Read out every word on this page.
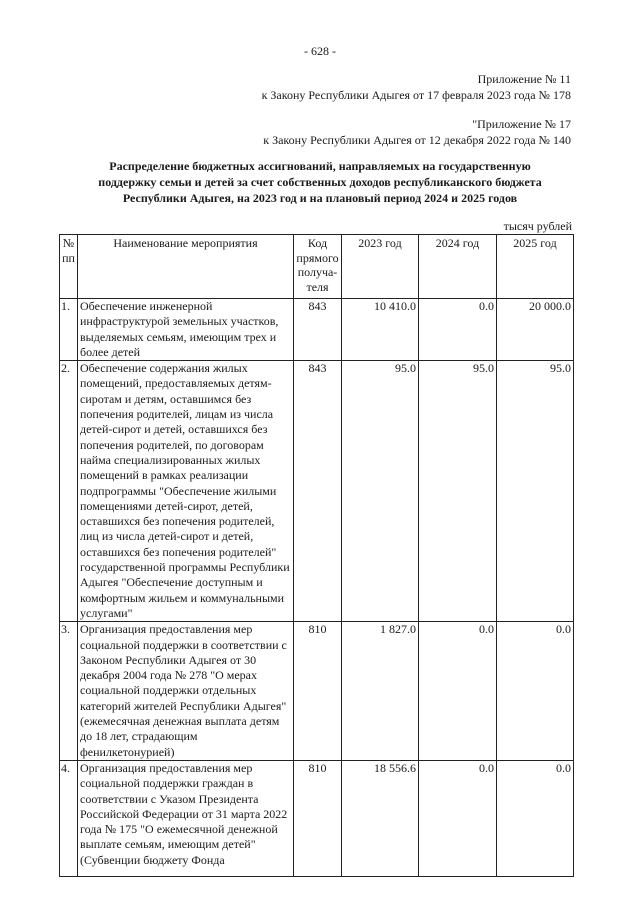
- 628 -
Приложение № 11
к Закону Республики Адыгея от 17 февраля 2023 года № 178
"Приложение № 17
к Закону Республики Адыгея от 12 декабря 2022 года № 140
Распределение бюджетных ассигнований, направляемых на государственную
поддержку семьи и детей за счет собственных доходов республиканского бюджета
Республики Адыгея, на 2023 год и на плановый период 2024 и 2025 годов
тысяч рублей
№ пп	Наименование мероприятия	Код прямого получа-теля	2023 год	2024 год	2025 год
1.	Обеспечение инженерной инфраструктурой земельных участков, выделяемых семьям, имеющим трех и более детей	843	10 410.0	0.0	20 000.0
2.	Обеспечение содержания жилых помещений, предоставляемых детям-сиротам и детям, оставшимся без попечения родителей, лицам из числа детей-сирот и детей, оставшихся без попечения родителей, по договорам найма специализированных жилых помещений в рамках реализации подпрограммы "Обеспечение жилыми помещениями детей-сирот, детей, оставшихся без попечения родителей, лиц из числа детей-сирот и детей, оставшихся без попечения родителей" государственной программы Республики Адыгея "Обеспечение доступным и комфортным жильем и коммунальными услугами"	843	95.0	95.0	95.0
3.	Организация предоставления мер социальной поддержки в соответствии с Законом Республики Адыгея от 30 декабря 2004 года № 278 "О мерах социальной поддержки отдельных категорий жителей Республики Адыгея" (ежемесячная денежная выплата детям до 18 лет, страдающим фенилкетонурией)	810	1 827.0	0.0	0.0
4.	Организация предоставления мер социальной поддержки граждан в соответствии с Указом Президента Российской Федерации от 31 марта 2022 года № 175 "О ежемесячной денежной выплате семьям, имеющим детей"(Субвенции бюджету Фонда	810	18 556.6	0.0	0.0
